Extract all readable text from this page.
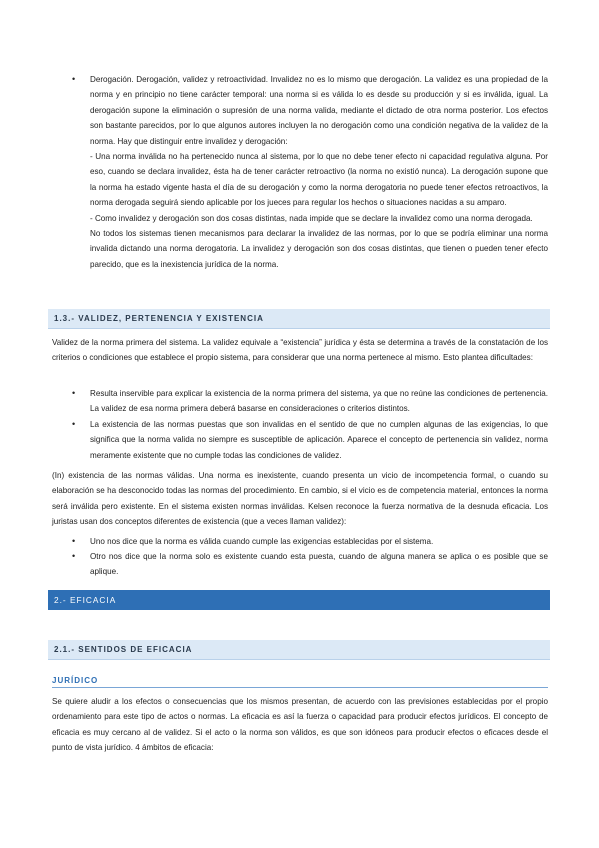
• Derogación. Derogación, validez y retroactividad. Invalidez no es lo mismo que derogación. La validez es una propiedad de la norma y en principio no tiene carácter temporal: una norma si es válida lo es desde su producción y si es inválida, igual. La derogación supone la eliminación o supresión de una norma valida, mediante el dictado de otra norma posterior. Los efectos son bastante parecidos, por lo que algunos autores incluyen la no derogación como una condición negativa de la validez de la norma. Hay que distinguir entre invalidez y derogación:

- Una norma inválida no ha pertenecido nunca al sistema, por lo que no debe tener efecto ni capacidad regulativa alguna. Por eso, cuando se declara invalidez, ésta ha de tener carácter retroactivo (la norma no existió nunca). La derogación supone que la norma ha estado vigente hasta el día de su derogación y como la norma derogatoria no puede tener efectos retroactivos, la norma derogada seguirá siendo aplicable por los jueces para regular los hechos o situaciones nacidas a su amparo.

- Como invalidez y derogación son dos cosas distintas, nada impide que se declare la invalidez como una norma derogada.

No todos los sistemas tienen mecanismos para declarar la invalidez de las normas, por lo que se podría eliminar una norma invalida dictando una norma derogatoria. La invalidez y derogación son dos cosas distintas, que tienen o pueden tener efecto parecido, que es la inexistencia jurídica de la norma.

1.3.- VALIDEZ, PERTENENCIA Y EXISTENCIA

Validez de la norma primera del sistema. La validez equivale a “existencia” jurídica y ésta se determina a través de la constatación de los criterios o condiciones que establece el propio sistema, para considerar que una norma pertenece al mismo. Esto plantea dificultades:

• Resulta inservible para explicar la existencia de la norma primera del sistema, ya que no reúne las condiciones de pertenencia. La validez de esa norma primera deberá basarse en consideraciones o criterios distintos.

• La existencia de las normas puestas que son invalidas en el sentido de que no cumplen algunas de las exigencias, lo que significa que la norma valida no siempre es susceptible de aplicación. Aparece el concepto de pertenencia sin validez, norma meramente existente que no cumple todas las condiciones de validez.

(In) existencia de las normas válidas. Una norma es inexistente, cuando presenta un vicio de incompetencia formal, o cuando su elaboración se ha desconocido todas las normas del procedimiento. En cambio, si el vicio es de competencia material, entonces la norma será inválida pero existente. En el sistema existen normas inválidas. Kelsen reconoce la fuerza normativa de la desnuda eficacia. Los juristas usan dos conceptos diferentes de existencia (que a veces llaman validez):

• Uno nos dice que la norma es válida cuando cumple las exigencias establecidas por el sistema.

• Otro nos dice que la norma solo es existente cuando esta puesta, cuando de alguna manera se aplica o es posible que se aplique.

2.- EFICACIA
2.1.- SENTIDOS DE EFICACIA
JURÍDICO

Se quiere aludir a los efectos o consecuencias que los mismos presentan, de acuerdo con las previsiones establecidas por el propio ordenamiento para este tipo de actos o normas. La eficacia es así la fuerza o capacidad para producir efectos jurídicos. El concepto de eficacia es muy cercano al de validez. Si el acto o la norma son válidos, es que son idóneos para producir efectos o eficaces desde el punto de vista jurídico. 4 ámbitos de eficacia:
